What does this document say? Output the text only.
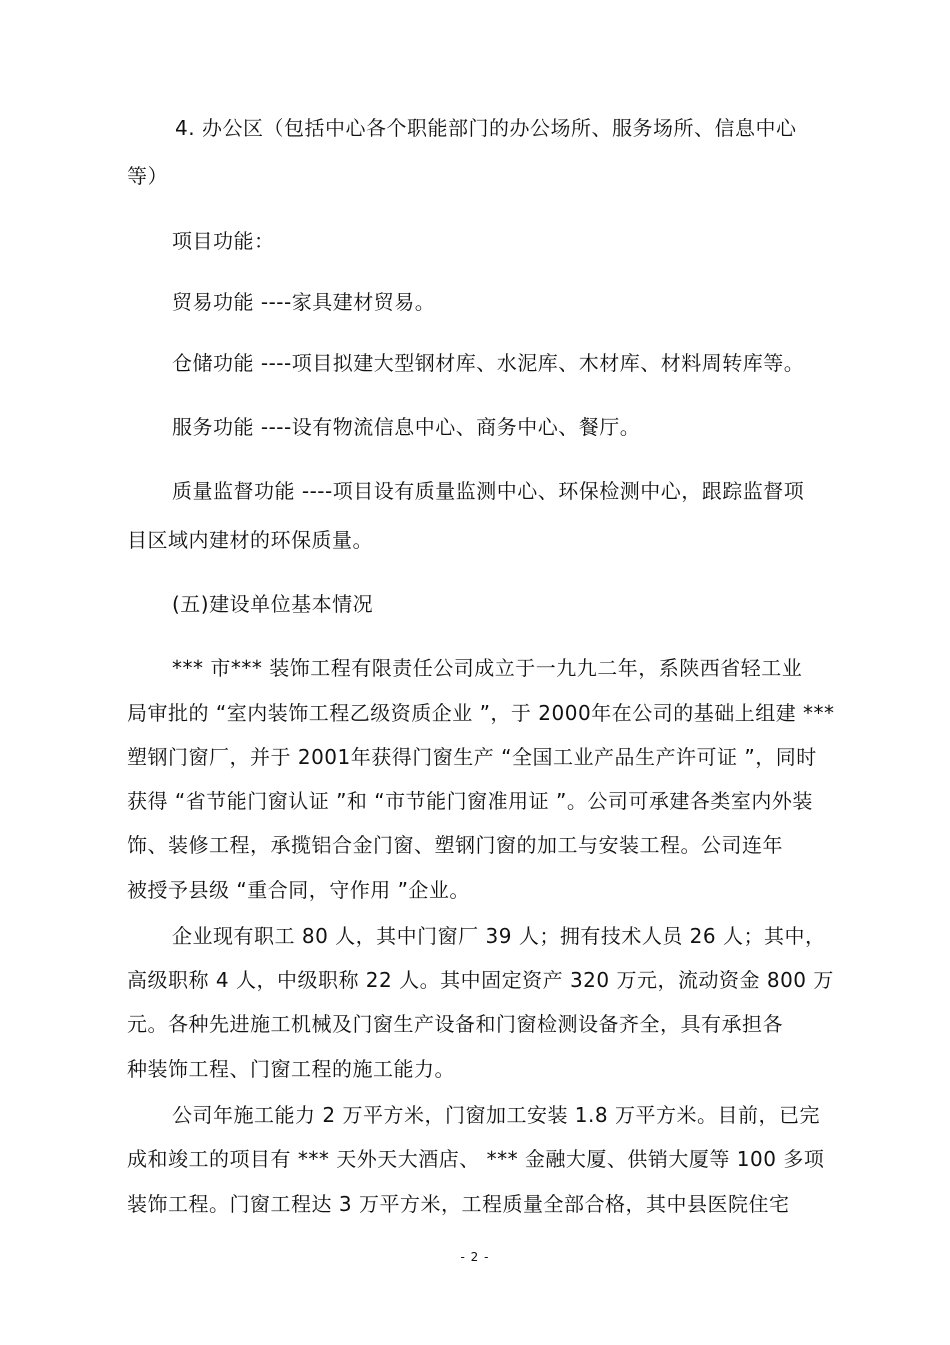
4. 办公区（包括中心各个职能部门的办公场所、服务场所、信息中心
等）
项目功能：
贸易功能 ----家具建材贸易。
仓储功能 ----项目拟建大型钢材库、水泥库、木材库、材料周转库等。
服务功能 ----设有物流信息中心、商务中心、餐厅。
质量监督功能 ----项目设有质量监测中心、环保检测中心，跟踪监督项
目区域内建材的环保质量。
(五)建设单位基本情况
*** 市*** 装饰工程有限责任公司成立于一九九二年，系陕西省轻工业
局审批的 “室内装饰工程乙级资质企业 ”，于 2000年在公司的基础上组建 ***
塑钢门窗厂，并于 2001年获得门窗生产 “全国工业产品生产许可证 ”，同时
获得 “省节能门窗认证 ”和 “市节能门窗准用证 ”。公司可承建各类室内外装
饰、装修工程，承揽铝合金门窗、塑钢门窗的加工与安装工程。公司连年
被授予县级 “重合同，守作用 ”企业。
企业现有职工 80 人，其中门窗厂 39 人；拥有技术人员 26 人；其中，
高级职称 4 人，中级职称 22 人。其中固定资产 320 万元，流动资金 800 万
元。各种先进施工机械及门窗生产设备和门窗检测设备齐全，具有承担各
种装饰工程、门窗工程的施工能力。
公司年施工能力 2 万平方米，门窗加工安装 1.8 万平方米。目前，已完
成和竣工的项目有 *** 天外天大酒店、 *** 金融大厦、供销大厦等 100 多项
装饰工程。门窗工程达 3 万平方米，工程质量全部合格，其中县医院住宅
- 2 -
